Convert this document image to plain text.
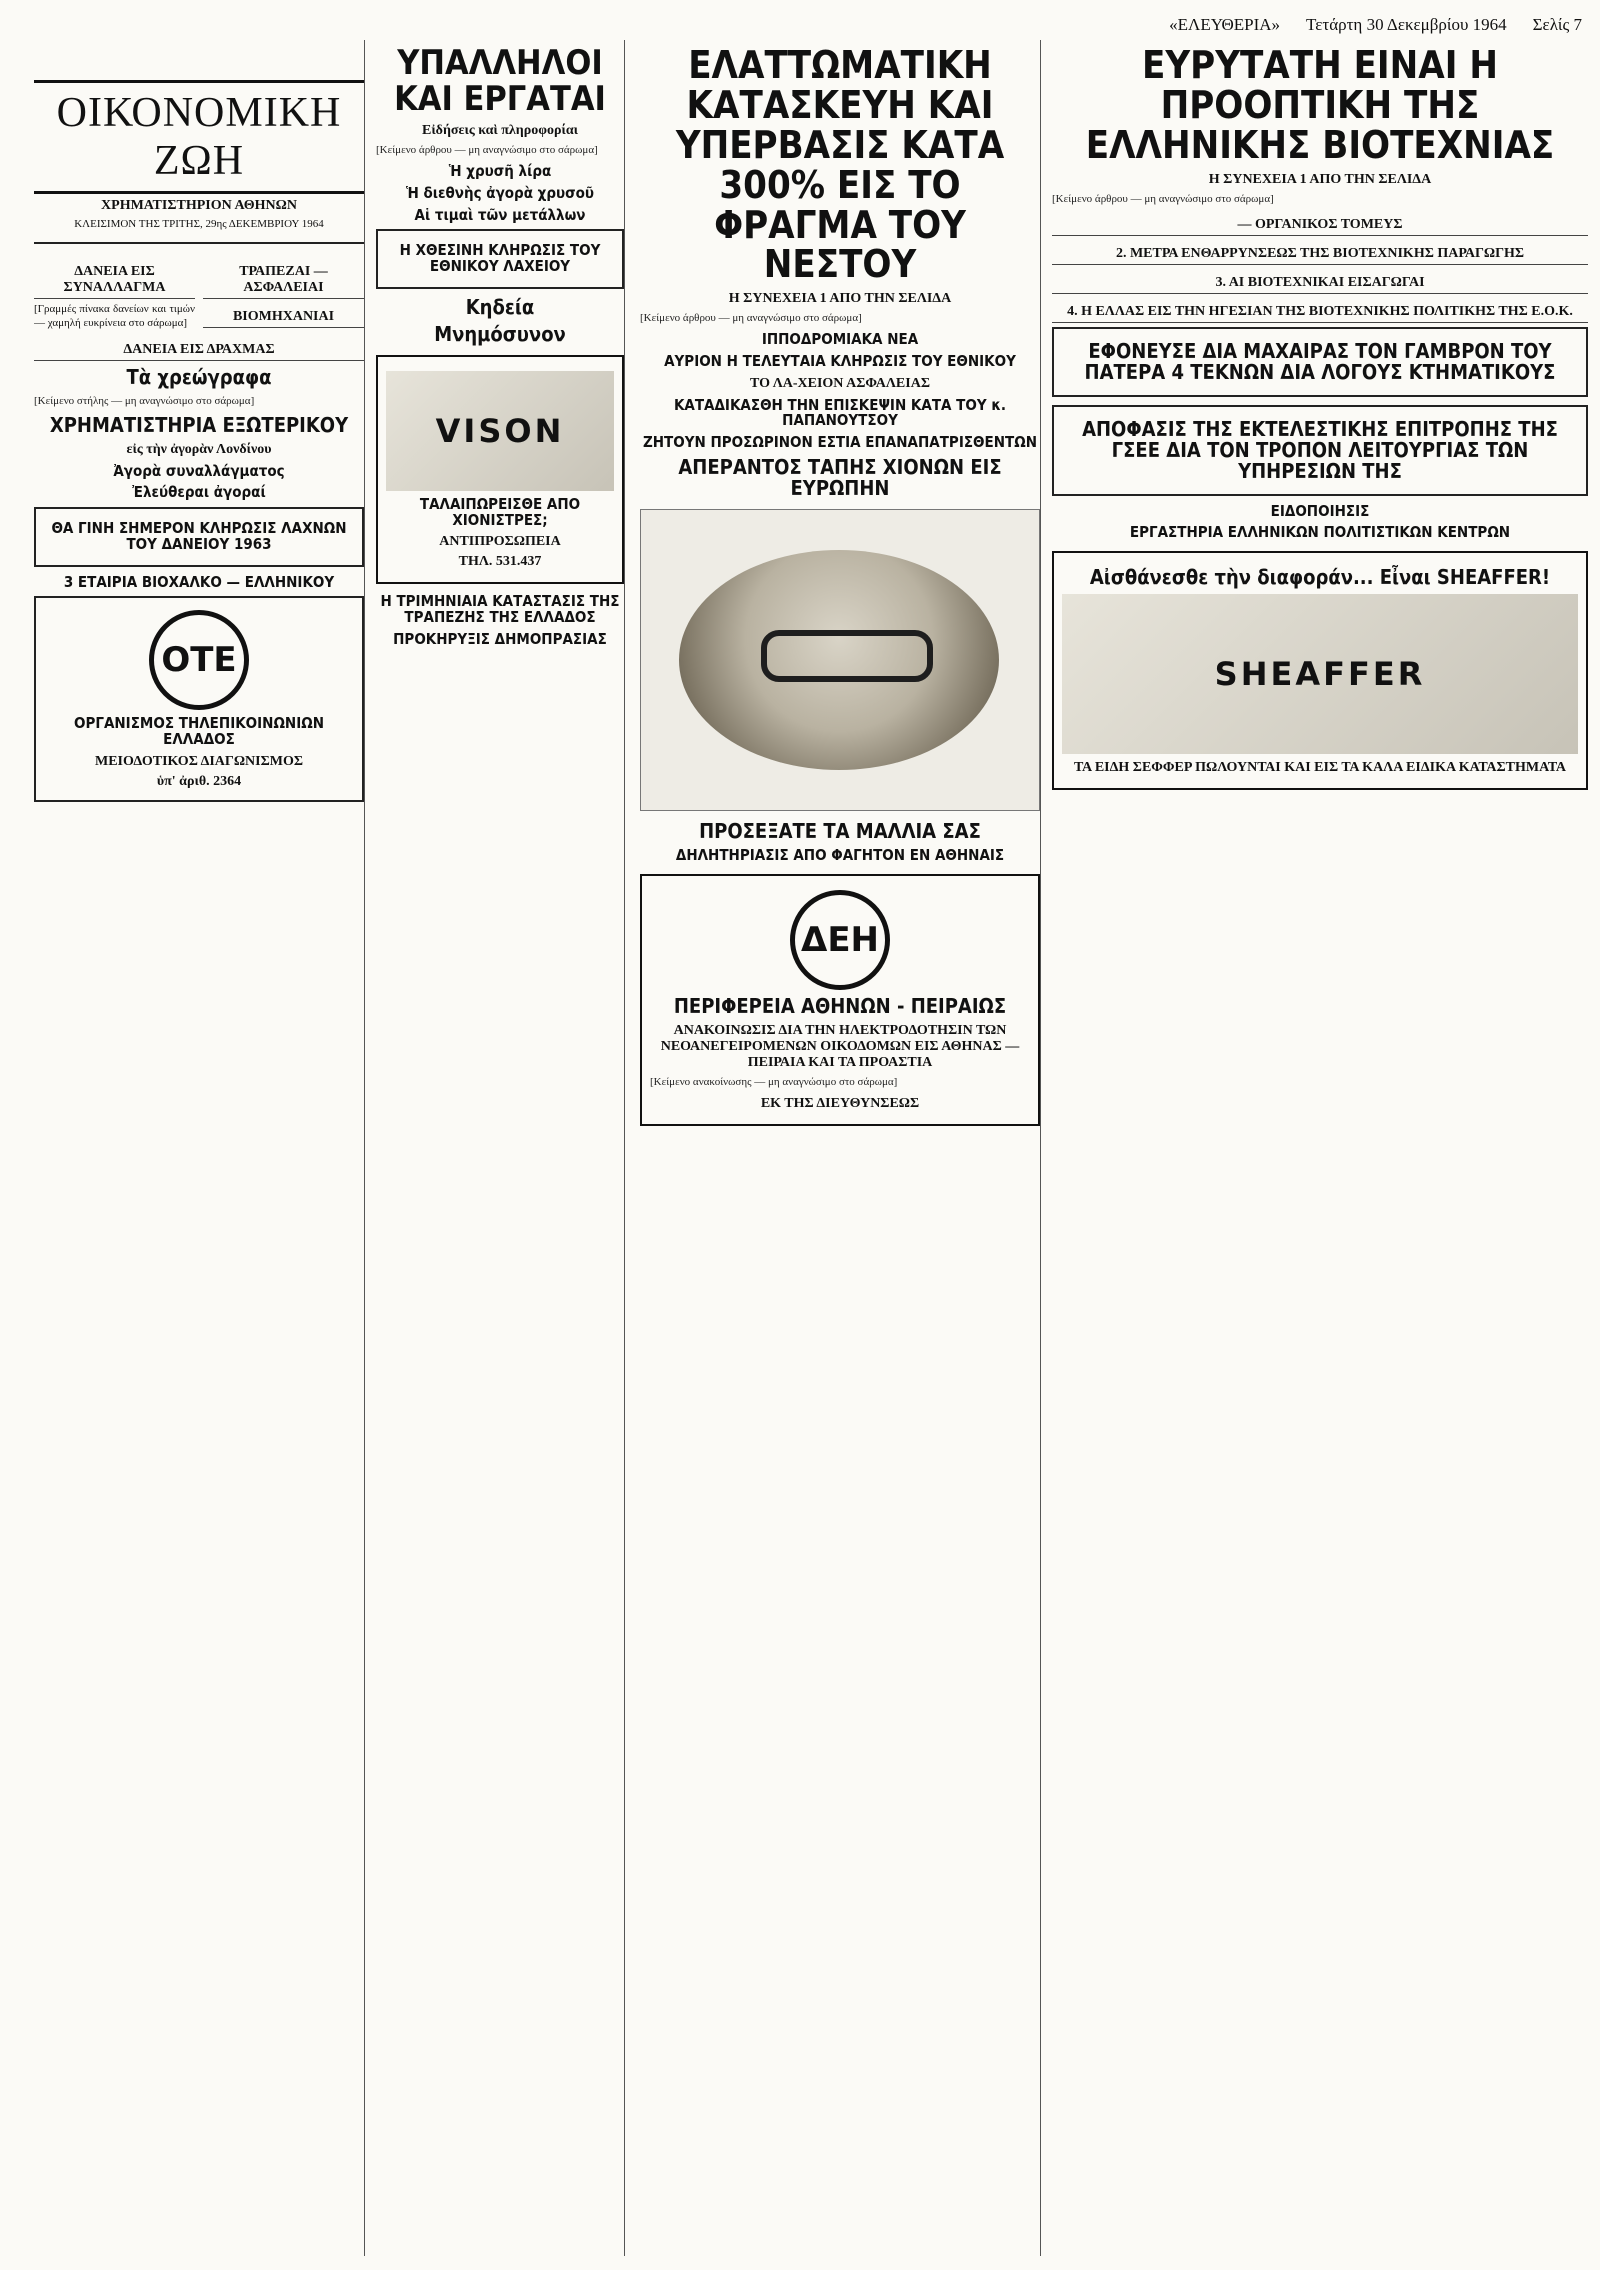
«ΕΛΕΥΘΕΡΙΑ» Τετάρτη 30 Δεκεμβρίου 1964 Σελίς 7
ΟΙΚΟΝΟΜΙΚΗ ΖΩΗ
ΧΡΗΜΑΤΙΣΤΗΡΙΟΝ ΑΘΗΝΩΝ
ΚΛΕΙΣΙΜΟΝ ΤΗΣ ΤΡΙΤΗΣ, 29ης ΔΕΚΕΜΒΡΙΟΥ 1964
ΔΑΝΕΙΑ ΕΙΣ ΣΥΝΑΛΛΑΓΜΑ
[Γραμμές πίνακα δανείων και τιμών — χαμηλή ευκρίνεια στο σάρωμα]
ΤΡΑΠΕΖΑΙ — ΑΣΦΑΛΕΙΑΙ
ΒΙΟΜΗΧΑΝΙΑΙ
ΔΑΝΕΙΑ ΕΙΣ ΔΡΑΧΜΑΣ
Τὰ χρεώγραφα

[Κείμενο στήλης — μη αναγνώσιμο στο σάρωμα]

ΧΡΗΜΑΤΙΣΤΗΡΙΑ ΕΞΩΤΕΡΙΚΟΥ
εἰς τὴν ἀγορὰν Λονδίνου
Ἀγορὰ συναλλάγματος
Ἐλεύθεραι ἀγοραί
ΘΑ ΓΙΝΗ ΣΗΜΕΡΟΝ ΚΛΗΡΩΣΙΣ ΛΑΧΝΩΝ ΤΟΥ ΔΑΝΕΙΟΥ 1963
3 ΕΤΑΙΡΙΑ ΒΙΟΧΑΛΚΟ — ΕΛΛΗΝΙΚΟΥ
ΟΤΕ
ΟΡΓΑΝΙΣΜΟΣ ΤΗΛΕΠΙΚΟΙΝΩΝΙΩΝ ΕΛΛΑΔΟΣ
ΜΕΙΟΔΟΤΙΚΟΣ ΔΙΑΓΩΝΙΣΜΟΣ
ὑπ' ἀριθ. 2364
ΥΠΑΛΛΗΛΟΙ ΚΑΙ ΕΡΓΑΤΑΙ
Εἰδήσεις καὶ πληροφορίαι

[Κείμενο άρθρου — μη αναγνώσιμο στο σάρωμα]

Ἡ χρυσῆ λίρα
Ἡ διεθνὴς ἀγορὰ χρυσοῦ
Αἱ τιμαὶ τῶν μετάλλων
Η ΧΘΕΣΙΝΗ ΚΛΗΡΩΣΙΣ ΤΟΥ ΕΘΝΙΚΟΥ ΛΑΧΕΙΟΥ
Κηδεία
Μνημόσυνον
VISON
ΤΑΛΑΙΠΩΡΕΙΣΘΕ ΑΠΟ ΧΙΟΝΙΣΤΡΕΣ;
ΑΝΤΙΠΡΟΣΩΠΕΙΑ
ΤΗΛ. 531.437
Η ΤΡΙΜΗΝΙΑΙΑ ΚΑΤΑΣΤΑΣΙΣ ΤΗΣ ΤΡΑΠΕΖΗΣ ΤΗΣ ΕΛΛΑΔΟΣ
ΠΡΟΚΗΡΥΞΙΣ ΔΗΜΟΠΡΑΣΙΑΣ
ΕΛΑΤΤΩΜΑΤΙΚΗ ΚΑΤΑΣΚΕΥΗ ΚΑΙ ΥΠΕΡΒΑΣΙΣ ΚΑΤΑ 300% ΕΙΣ ΤΟ ΦΡΑΓΜΑ ΤΟΥ ΝΕΣΤΟΥ
Η ΣΥΝΕΧΕΙΑ 1 ΑΠΟ ΤΗΝ ΣΕΛΙΔΑ

[Κείμενο άρθρου — μη αναγνώσιμο στο σάρωμα]

ΙΠΠΟΔΡΟΜΙΑΚΑ ΝΕΑ
ΑΥΡΙΟΝ Η ΤΕΛΕΥΤΑΙΑ ΚΛΗΡΩΣΙΣ ΤΟΥ ΕΘΝΙΚΟΥ
ΤΟ ΛΑ-ΧΕΙΟΝ ΑΣΦΑΛΕΙΑΣ
ΚΑΤΑΔΙΚΑΣΘΗ ΤΗΝ ΕΠΙΣΚΕΨΙΝ ΚΑΤΑ ΤΟΥ κ. ΠΑΠΑΝΟΥΤΣΟΥ
ΖΗΤΟΥΝ ΠΡΟΣΩΡΙΝΟΝ ΕΣΤΙΑ ΕΠΑΝΑΠΑΤΡΙΣΘΕΝΤΩΝ
ΑΠΕΡΑΝΤΟΣ ΤΑΠΗΣ ΧΙΟΝΩΝ ΕΙΣ ΕΥΡΩΠΗΝ
ΠΡΟΣΕΞΑΤΕ ΤΑ ΜΑΛΛΙΑ ΣΑΣ
ΔΗΛΗΤΗΡΙΑΣΙΣ ΑΠΟ ΦΑΓΗΤΟΝ ΕΝ ΑΘΗΝΑΙΣ
ΔΕΗ
ΠΕΡΙΦΕΡΕΙΑ ΑΘΗΝΩΝ - ΠΕΙΡΑΙΩΣ
ΑΝΑΚΟΙΝΩΣΙΣ ΔΙΑ ΤΗΝ ΗΛΕΚΤΡΟΔΟΤΗΣΙΝ ΤΩΝ ΝΕΟΑΝΕΓΕΙΡΟΜΕΝΩΝ ΟΙΚΟΔΟΜΩΝ ΕΙΣ ΑΘΗΝΑΣ — ΠΕΙΡΑΙΑ ΚΑΙ ΤΑ ΠΡΟΑΣΤΙΑ

[Κείμενο ανακοίνωσης — μη αναγνώσιμο στο σάρωμα]

ΕΚ ΤΗΣ ΔΙΕΥΘΥΝΣΕΩΣ
ΕΥΡΥΤΑΤΗ ΕΙΝΑΙ Η ΠΡΟΟΠΤΙΚΗ ΤΗΣ ΕΛΛΗΝΙΚΗΣ ΒΙΟΤΕΧΝΙΑΣ
Η ΣΥΝΕΧΕΙΑ 1 ΑΠΟ ΤΗΝ ΣΕΛΙΔΑ

[Κείμενο άρθρου — μη αναγνώσιμο στο σάρωμα]

— ΟΡΓΑΝΙΚΟΣ ΤΟΜΕΥΣ
2. ΜΕΤΡΑ ΕΝΘΑΡΡΥΝΣΕΩΣ ΤΗΣ ΒΙΟΤΕΧΝΙΚΗΣ ΠΑΡΑΓΩΓΗΣ
3. ΑΙ ΒΙΟΤΕΧΝΙΚΑΙ ΕΙΣΑΓΩΓΑΙ
4. Η ΕΛΛΑΣ ΕΙΣ ΤΗΝ ΗΓΕΣΙΑΝ ΤΗΣ ΒΙΟΤΕΧΝΙΚΗΣ ΠΟΛΙΤΙΚΗΣ ΤΗΣ Ε.Ο.Κ.
ΕΦΟΝΕΥΣΕ ΔΙΑ ΜΑΧΑΙΡΑΣ ΤΟΝ ΓΑΜΒΡΟΝ ΤΟΥ ΠΑΤΕΡΑ 4 ΤΕΚΝΩΝ ΔΙΑ ΛΟΓΟΥΣ ΚΤΗΜΑΤΙΚΟΥΣ
ΑΠΟΦΑΣΙΣ ΤΗΣ ΕΚΤΕΛΕΣΤΙΚΗΣ ΕΠΙΤΡΟΠΗΣ ΤΗΣ ΓΣΕΕ ΔΙΑ ΤΟΝ ΤΡΟΠΟΝ ΛΕΙΤΟΥΡΓΙΑΣ ΤΩΝ ΥΠΗΡΕΣΙΩΝ ΤΗΣ
ΕΙΔΟΠΟΙΗΣΙΣ
ΕΡΓΑΣΤΗΡΙΑ ΕΛΛΗΝΙΚΩΝ ΠΟΛΙΤΙΣΤΙΚΩΝ ΚΕΝΤΡΩΝ
Αἰσθάνεσθε τὴν διαφοράν... Εἶναι SHEAFFER!
SHEAFFER
ΤΑ ΕΙΔΗ ΣΕΦΦΕΡ ΠΩΛΟΥΝΤΑΙ ΚΑΙ ΕΙΣ ΤΑ ΚΑΛΑ ΕΙΔΙΚΑ ΚΑΤΑΣΤΗΜΑΤΑ
